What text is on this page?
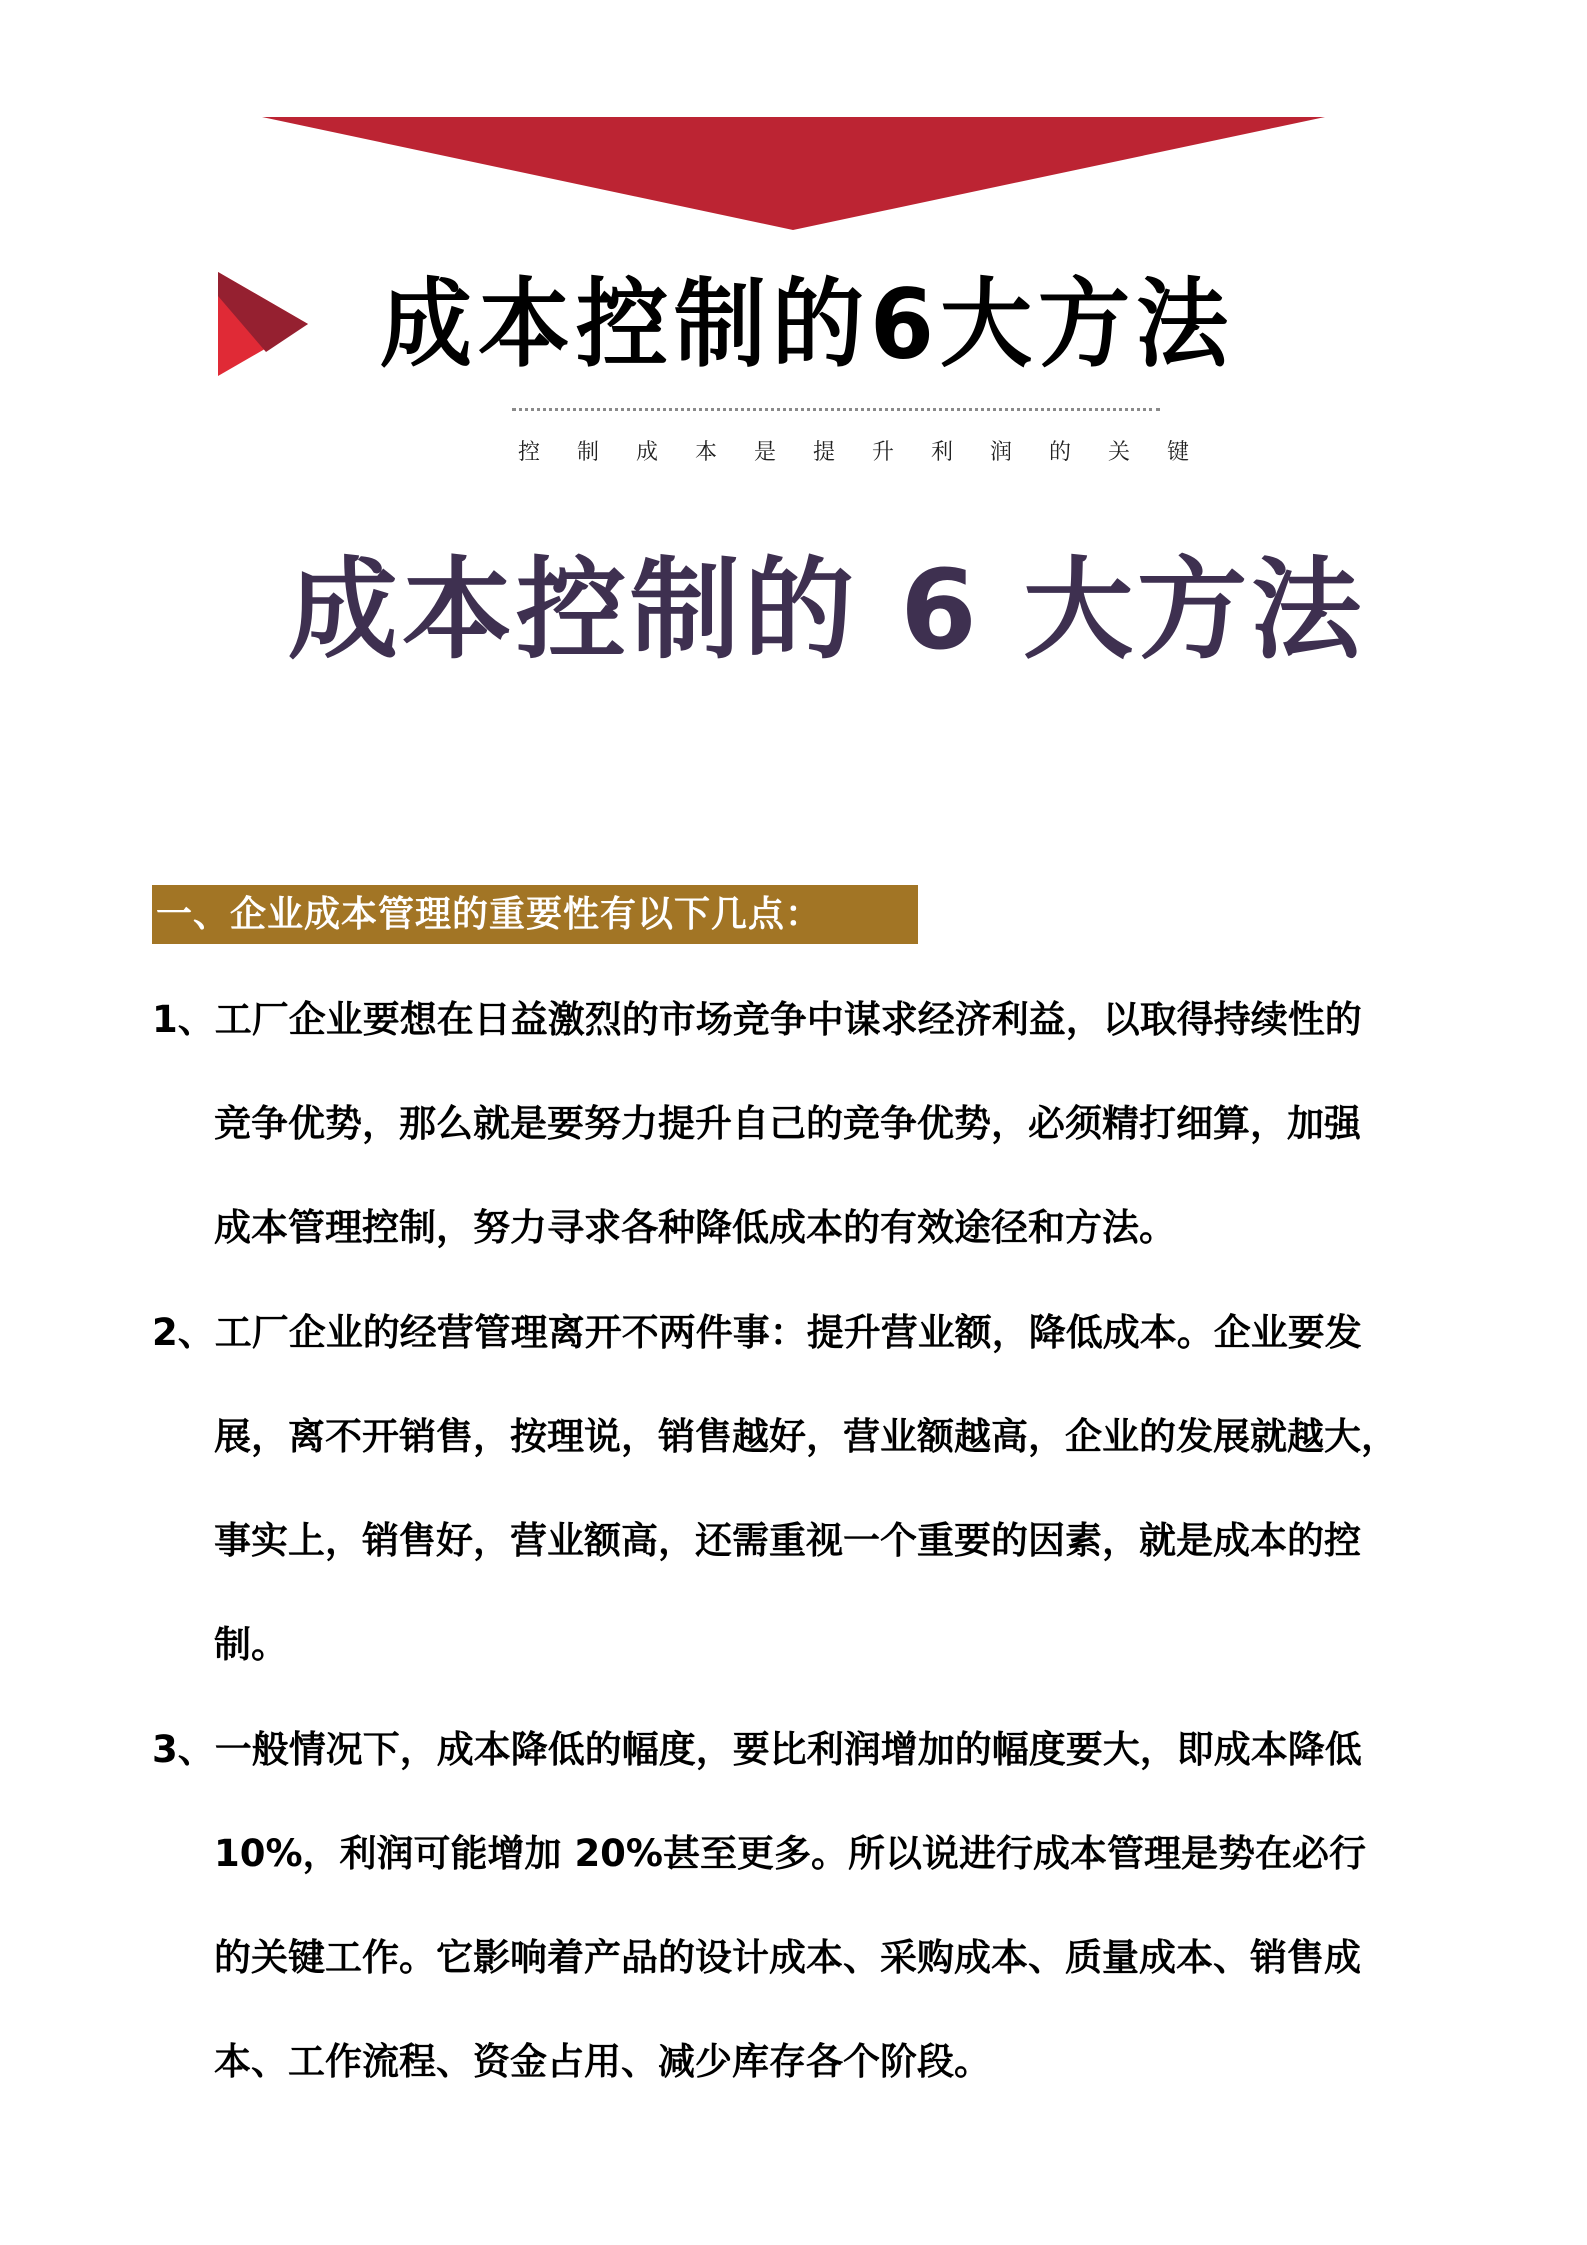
成本控制的6大方法
控制成本是提升利润的关键
成本控制的 6 大方法
一、企业成本管理的重要性有以下几点：
1、工厂企业要想在日益激烈的市场竞争中谋求经济利益，以取得持续性的
竞争优势，那么就是要努力提升自己的竞争优势，必须精打细算，加强
成本管理控制，努力寻求各种降低成本的有效途径和方法。
2、工厂企业的经营管理离开不两件事：提升营业额，降低成本。企业要发
展，离不开销售，按理说，销售越好，营业额越高，企业的发展就越大，
事实上，销售好，营业额高，还需重视一个重要的因素，就是成本的控
制。
3、一般情况下，成本降低的幅度，要比利润增加的幅度要大，即成本降低
10%，利润可能增加 20%甚至更多。所以说进行成本管理是势在必行
的关键工作。它影响着产品的设计成本、采购成本、质量成本、销售成
本、工作流程、资金占用、减少库存各个阶段。
